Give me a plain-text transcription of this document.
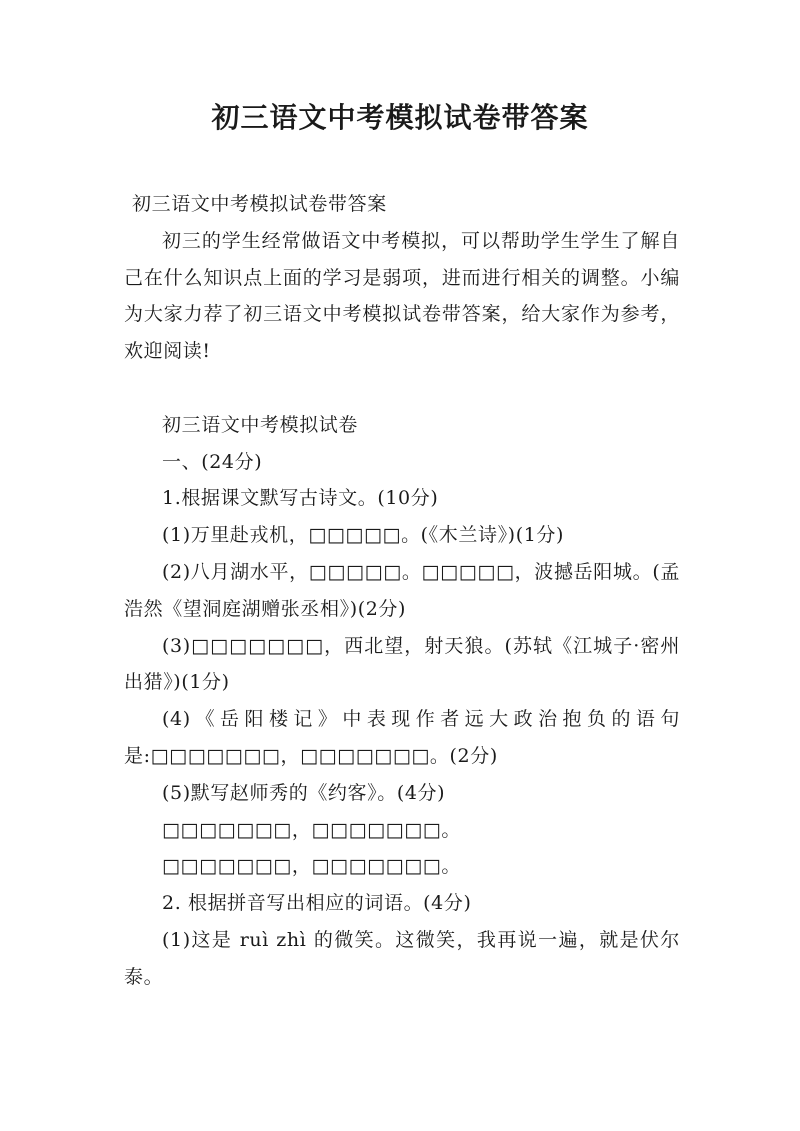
初三语文中考模拟试卷带答案

初三语文中考模拟试卷带答案

初三的学生经常做语文中考模拟，可以帮助学生学生了解自己在什么知识点上面的学习是弱项，进而进行相关的调整。小编为大家力荐了初三语文中考模拟试卷带答案，给大家作为参考，欢迎阅读!

初三语文中考模拟试卷

一、(24分)

1.根据课文默写古诗文。(10分)

(1)万里赴戎机，□□□□□。(《木兰诗》)(1分)

(2)八月湖水平，□□□□□。□□□□□，波撼岳阳城。(孟浩然《望洞庭湖赠张丞相》)(2分)

(3)□□□□□□□，西北望，射天狼。(苏轼《江城子·密州出猎》)(1分)

(4)《岳阳楼记》中表现作者远大政治抱负的语句是:□□□□□□□，□□□□□□□。(2分)

(5)默写赵师秀的《约客》。(4分)

□□□□□□□，□□□□□□□。

□□□□□□□，□□□□□□□。

2. 根据拼音写出相应的词语。(4分)

(1)这是 ruì zhì 的微笑。这微笑，我再说一遍，就是伏尔泰。
